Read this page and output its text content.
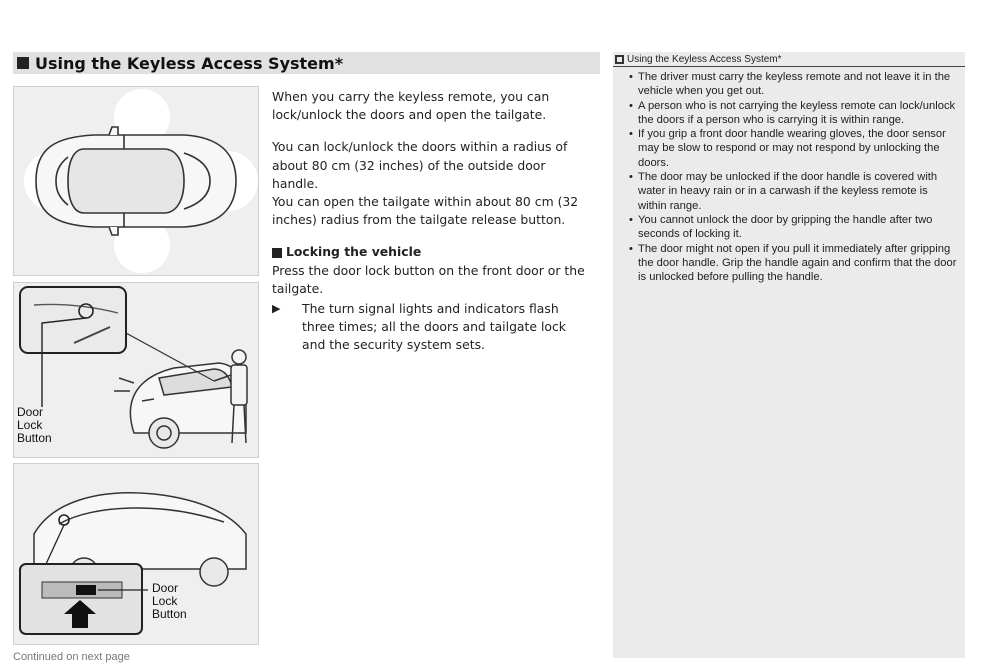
Using the Keyless Access System*
Door
Lock
Button
Door
Lock
Button

When you carry the keyless remote, you can lock/unlock the doors and open the tailgate.

You can lock/unlock the doors within a radius of about 80 cm (32 inches) of the outside door handle.

You can open the tailgate within about 80 cm (32 inches) radius from the tailgate release button.

Locking the vehicle

Press the door lock button on the front door or the tailgate.

▶	The turn signal lights and indicators flash three times; all the doors and tailgate lock and the security system sets.
Using the Keyless Access System*
• The driver must carry the keyless remote and not leave it in the vehicle when you get out.
• A person who is not carrying the keyless remote can lock/unlock the doors if a person who is carrying it is within range.
• If you grip a front door handle wearing gloves, the door sensor may be slow to respond or may not respond by unlocking the doors.
• The door may be unlocked if the door handle is covered with water in heavy rain or in a carwash if the keyless remote is within range.
• You cannot unlock the door by gripping the handle after two seconds of locking it.
• The door might not open if you pull it immediately after gripping the door handle. Grip the handle again and confirm that the door is unlocked before pulling the handle.
Continued on next page
